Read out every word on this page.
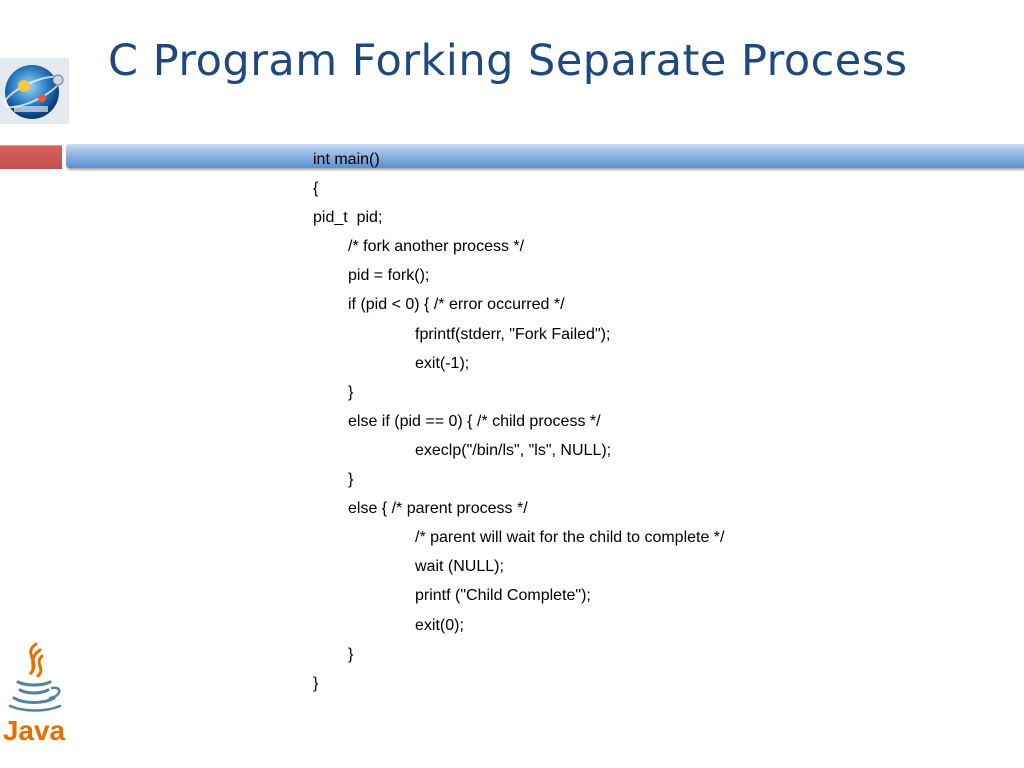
C Program Forking Separate Process
int main()
{
pid_t  pid;
/* fork another process */
pid = fork();
if (pid < 0) { /* error occurred */
fprintf(stderr, "Fork Failed");
exit(-1);
}
else if (pid == 0) { /* child process */
execlp("/bin/ls", "ls", NULL);
}
else { /* parent process */
/* parent will wait for the child to complete */
wait (NULL);
printf ("Child Complete");
exit(0);
}
}
Java
